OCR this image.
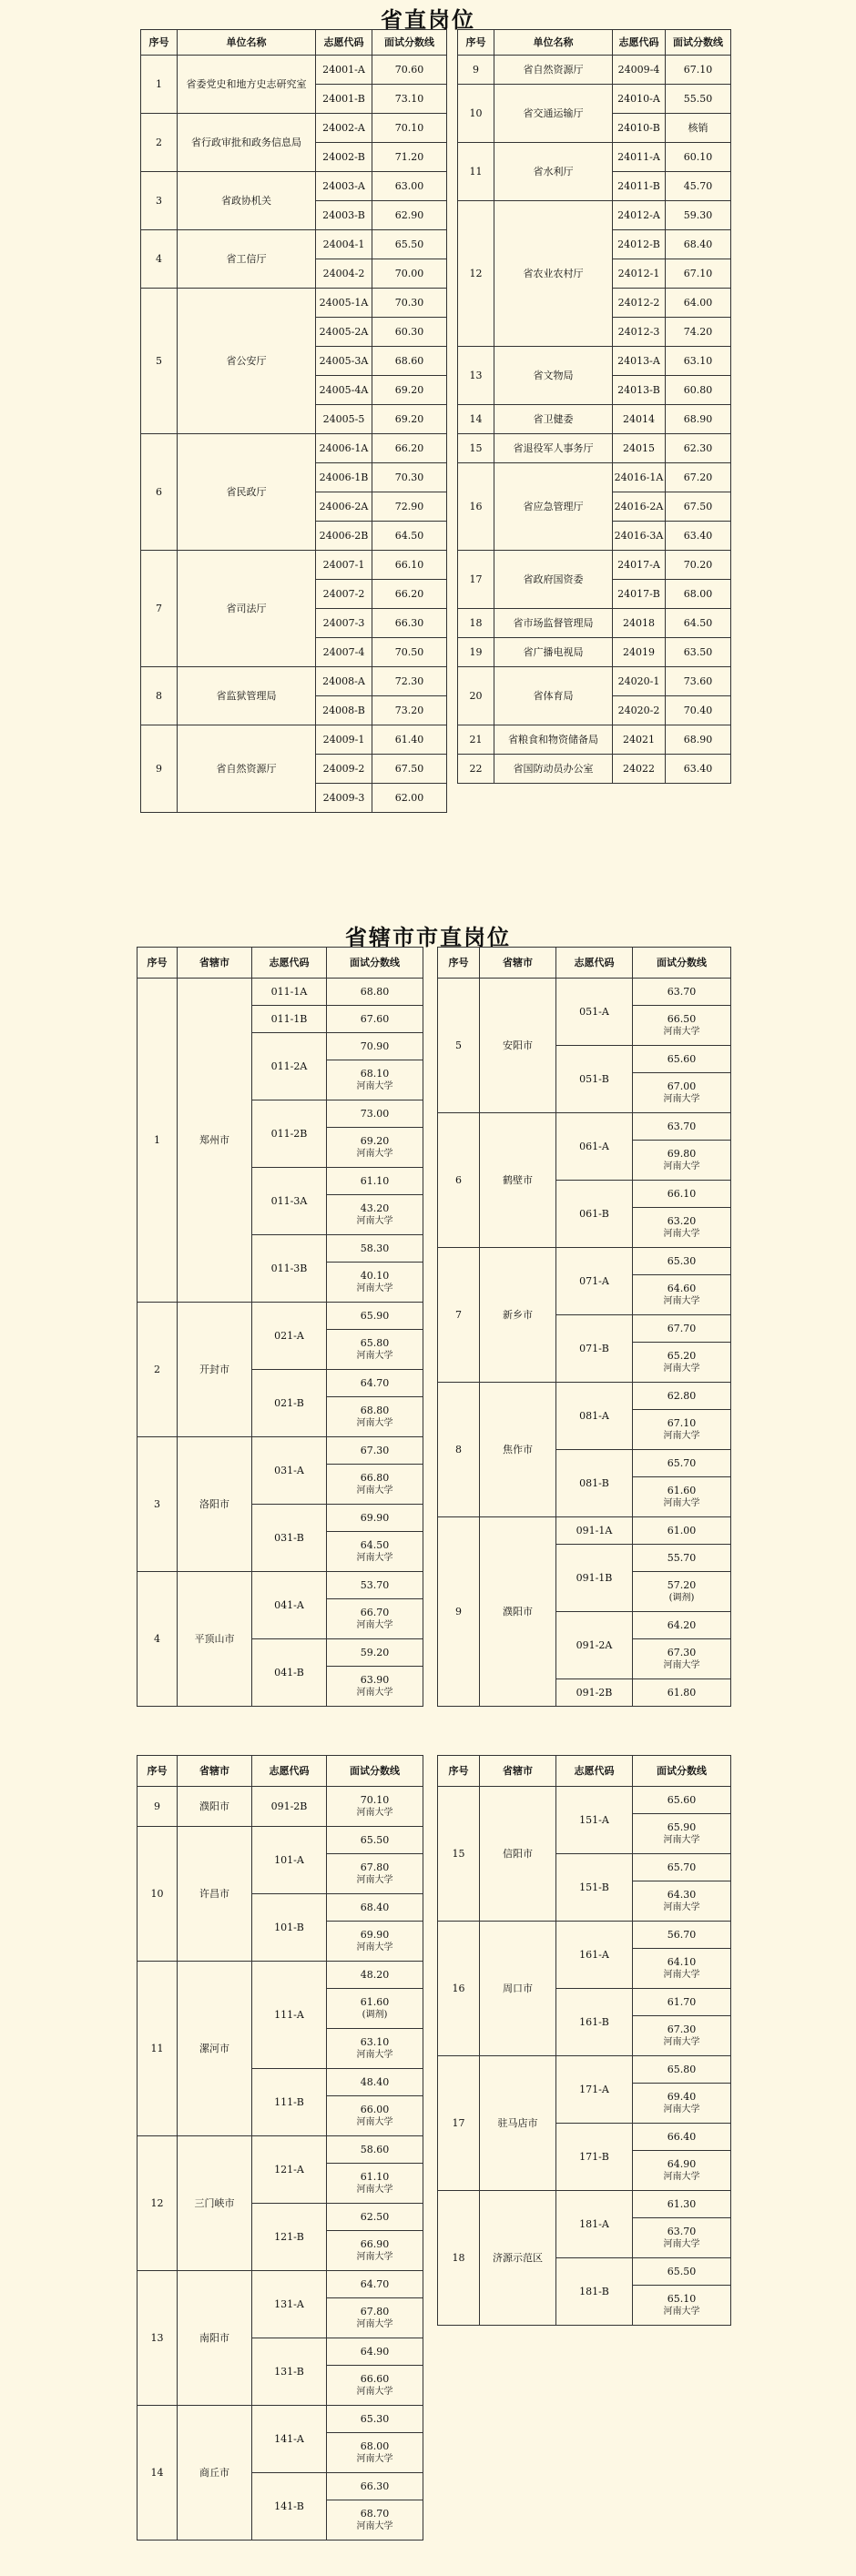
省直岗位
序号	单位名称	志愿代码	面试分数线
1	省委党史和地方史志研究室	24001-A	70.60
		24001-B	73.10
2	省行政审批和政务信息局	24002-A	70.10
		24002-B	71.20
3	省政协机关	24003-A	63.00
		24003-B	62.90
4	省工信厅	24004-1	65.50
		24004-2	70.00
5	省公安厅	24005-1A	70.30
		24005-2A	60.30
		24005-3A	68.60
		24005-4A	69.20
		24005-5	69.20
6	省民政厅	24006-1A	66.20
		24006-1B	70.30
		24006-2A	72.90
		24006-2B	64.50
7	省司法厅	24007-1	66.10
		24007-2	66.20
		24007-3	66.30
		24007-4	70.50
8	省监狱管理局	24008-A	72.30
		24008-B	73.20
9	省自然资源厅	24009-1	61.40
		24009-2	67.50
		24009-3	62.00
序号	单位名称	志愿代码	面试分数线
9	省自然资源厅	24009-4	67.10
10	省交通运输厅	24010-A	55.50
		24010-B	核销
11	省水利厅	24011-A	60.10
		24011-B	45.70
12	省农业农村厅	24012-A	59.30
		24012-B	68.40
		24012-1	67.10
		24012-2	64.00
		24012-3	74.20
13	省文物局	24013-A	63.10
		24013-B	60.80
14	省卫健委	24014	68.90
15	省退役军人事务厅	24015	62.30
16	省应急管理厅	24016-1A	67.20
		24016-2A	67.50
		24016-3A	63.40
17	省政府国资委	24017-A	70.20
		24017-B	68.00
18	省市场监督管理局	24018	64.50
19	省广播电视局	24019	63.50
20	省体育局	24020-1	73.60
		24020-2	70.40
21	省粮食和物资储备局	24021	68.90
22	省国防动员办公室	24022	63.40
省辖市市直岗位
序号	省辖市	志愿代码	面试分数线
1	郑州市	011-1A	68.80

		011-1B	67.60

		011-2A	70.90

			68.10
河南大学

		011-2B	73.00

			69.20
河南大学

		011-3A	61.10

			43.20
河南大学

		011-3B	58.30

			40.10
河南大学

2	开封市	021-A	65.90

			65.80
河南大学

		021-B	64.70

			68.80
河南大学

3	洛阳市	031-A	67.30

			66.80
河南大学

		031-B	69.90

			64.50
河南大学

4	平顶山市	041-A	53.70

			66.70
河南大学

		041-B	59.20

			63.90
河南大学
序号	省辖市	志愿代码	面试分数线
5	安阳市	051-A	63.70

			66.50
河南大学

		051-B	65.60

			67.00
河南大学

6	鹤壁市	061-A	63.70

			69.80
河南大学

		061-B	66.10

			63.20
河南大学

7	新乡市	071-A	65.30

			64.60
河南大学

		071-B	67.70

			65.20
河南大学

8	焦作市	081-A	62.80

			67.10
河南大学

		081-B	65.70

			61.60
河南大学

9	濮阳市	091-1A	61.00

		091-1B	55.70

			57.20
(调剂)

		091-2A	64.20

			67.30
河南大学

		091-2B	61.80
序号	省辖市	志愿代码	面试分数线
9	濮阳市	091-2B	70.10
河南大学

10	许昌市	101-A	65.50

			67.80
河南大学

		101-B	68.40

			69.90
河南大学

11	漯河市	111-A	48.20

			61.60
(调剂)

			63.10
河南大学

		111-B	48.40

			66.00
河南大学

12	三门峡市	121-A	58.60

			61.10
河南大学

		121-B	62.50

			66.90
河南大学

13	南阳市	131-A	64.70

			67.80
河南大学

		131-B	64.90

			66.60
河南大学

14	商丘市	141-A	65.30

			68.00
河南大学

		141-B	66.30

			68.70
河南大学
序号	省辖市	志愿代码	面试分数线
15	信阳市	151-A	65.60

			65.90
河南大学

		151-B	65.70

			64.30
河南大学

16	周口市	161-A	56.70

			64.10
河南大学

		161-B	61.70

			67.30
河南大学

17	驻马店市	171-A	65.80

			69.40
河南大学

		171-B	66.40

			64.90
河南大学

18	济源示范区	181-A	61.30

			63.70
河南大学

		181-B	65.50

			65.10
河南大学
